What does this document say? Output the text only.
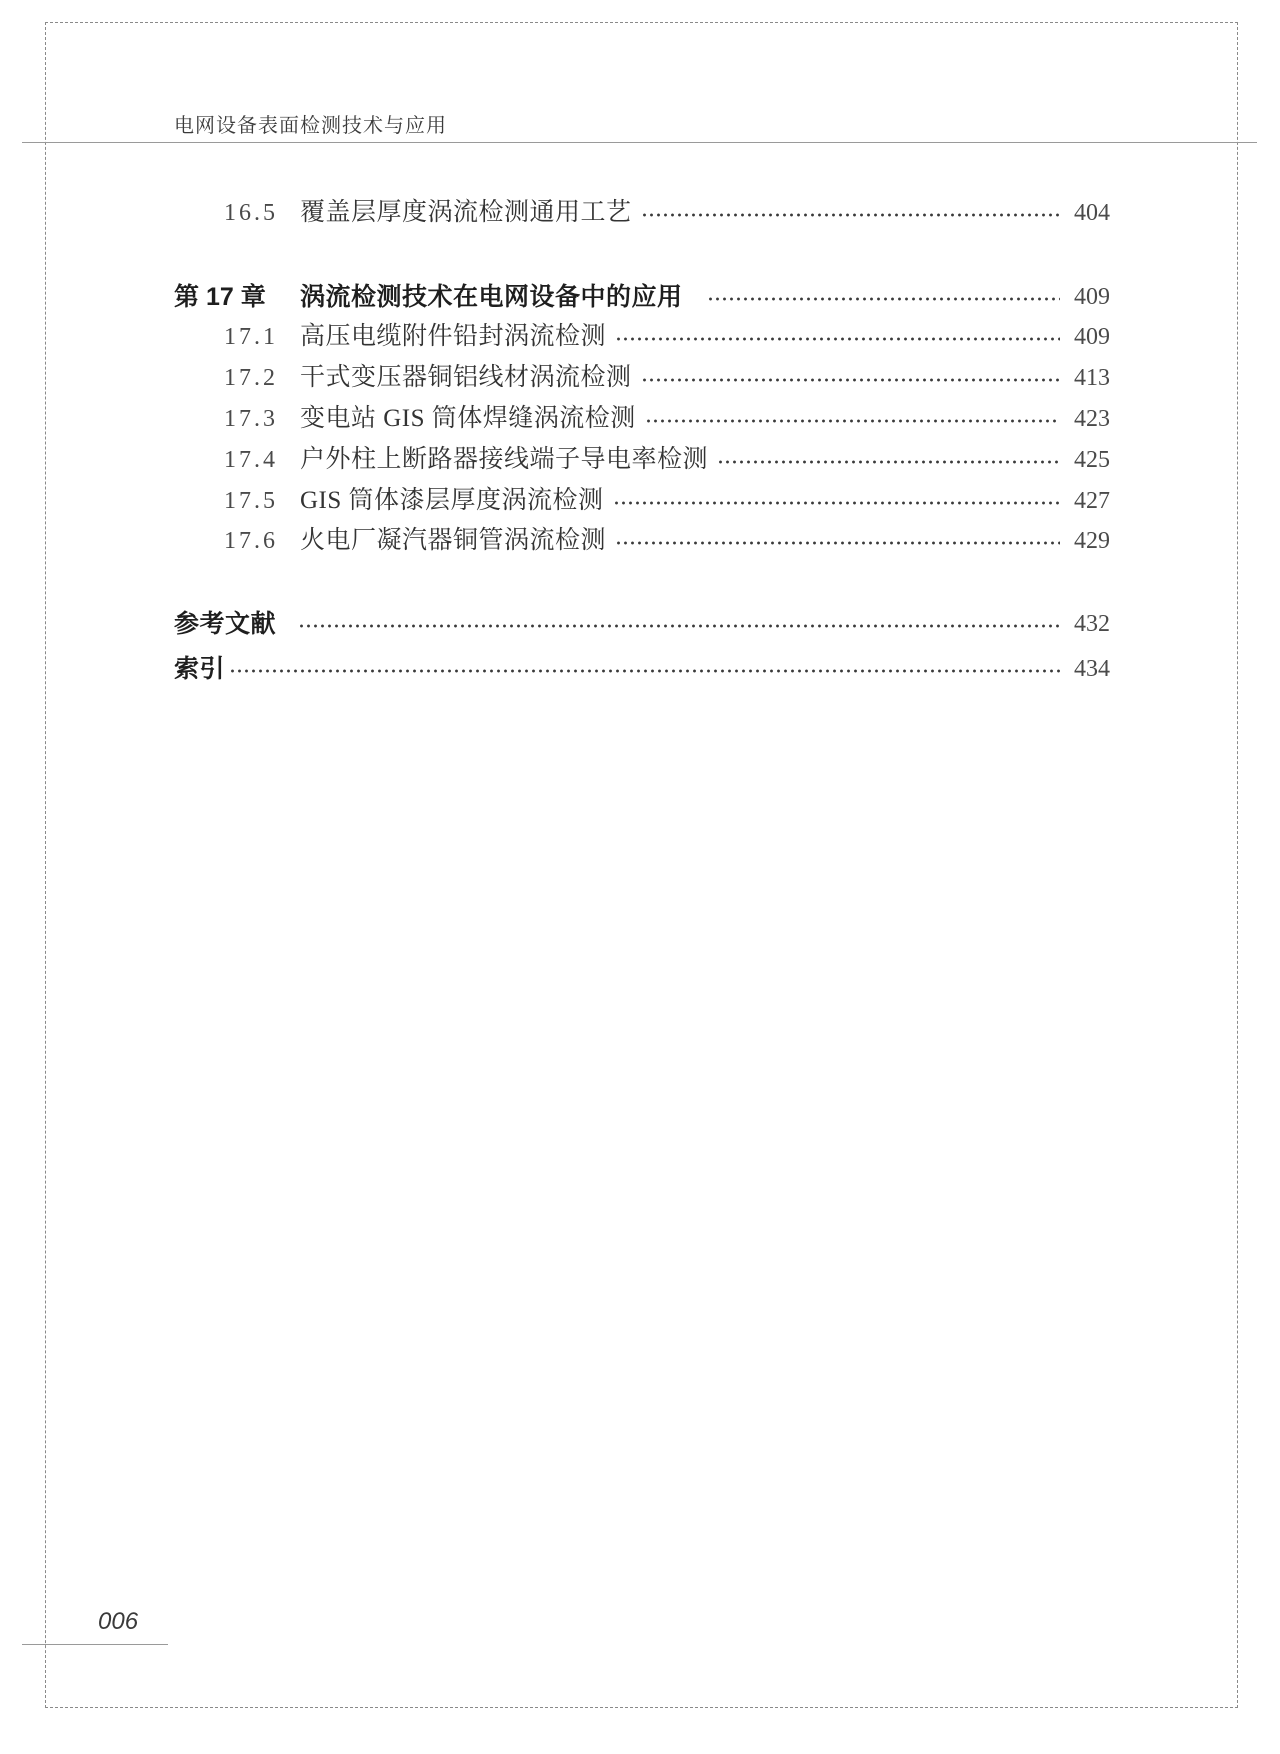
电网设备表面检测技术与应用
16.5 覆盖层厚度涡流检测通用工艺	404
第 17 章	涡流检测技术在电网设备中的应用	409
17.1 高压电缆附件铅封涡流检测	409
17.2 干式变压器铜铝线材涡流检测	413
17.3 变电站 GIS 筒体焊缝涡流检测	423
17.4 户外柱上断路器接线端子导电率检测	425
17.5 GIS 筒体漆层厚度涡流检测	427
17.6 火电厂凝汽器铜管涡流检测	429
参考文献	432
索引	434
006
